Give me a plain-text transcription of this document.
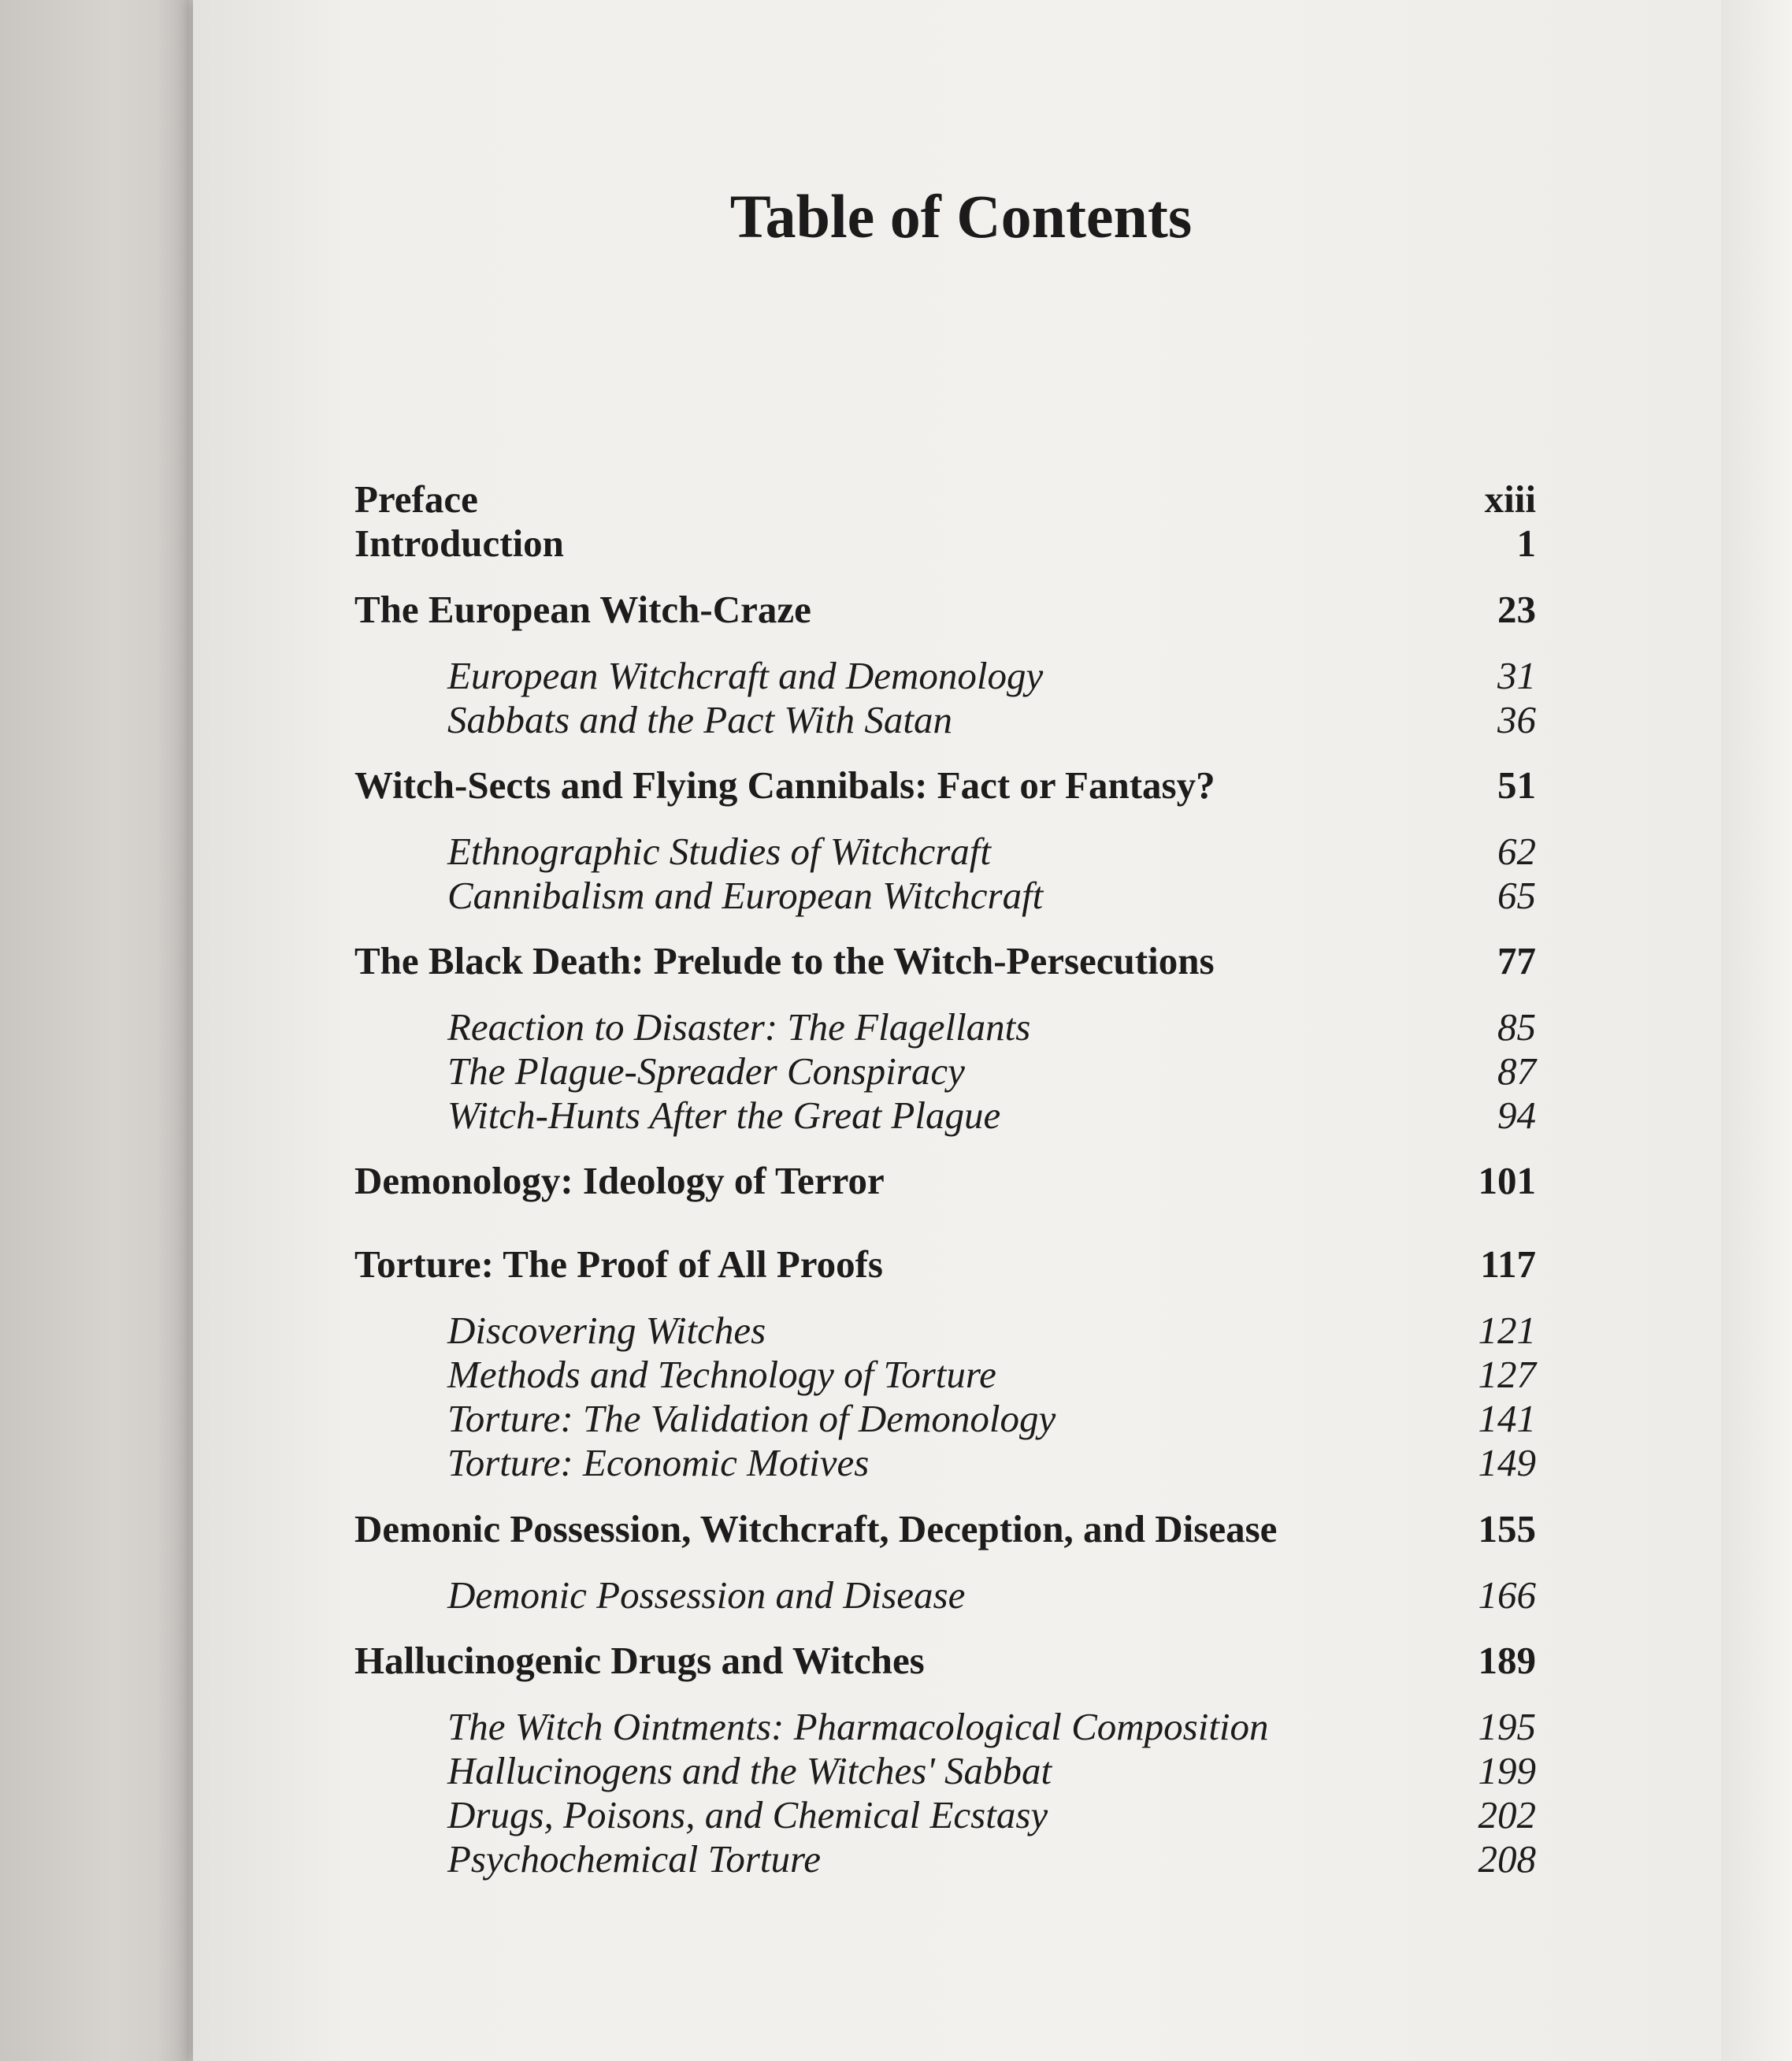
Table of Contents
Preface	xiii
Introduction	1
The European Witch-Craze	23
European Witchcraft and Demonology	31
Sabbats and the Pact With Satan	36
Witch-Sects and Flying Cannibals: Fact or Fantasy?	51
Ethnographic Studies of Witchcraft	62
Cannibalism and European Witchcraft	65
The Black Death: Prelude to the Witch-Persecutions	77
Reaction to Disaster: The Flagellants	85
The Plague-Spreader Conspiracy	87
Witch-Hunts After the Great Plague	94
Demonology: Ideology of Terror	101
Torture: The Proof of All Proofs	117
Discovering Witches	121
Methods and Technology of Torture	127
Torture: The Validation of Demonology	141
Torture: Economic Motives	149
Demonic Possession, Witchcraft, Deception, and Disease	155
Demonic Possession and Disease	166
Hallucinogenic Drugs and Witches	189
The Witch Ointments: Pharmacological Composition	195
Hallucinogens and the Witches' Sabbat	199
Drugs, Poisons, and Chemical Ecstasy	202
Psychochemical Torture	208
